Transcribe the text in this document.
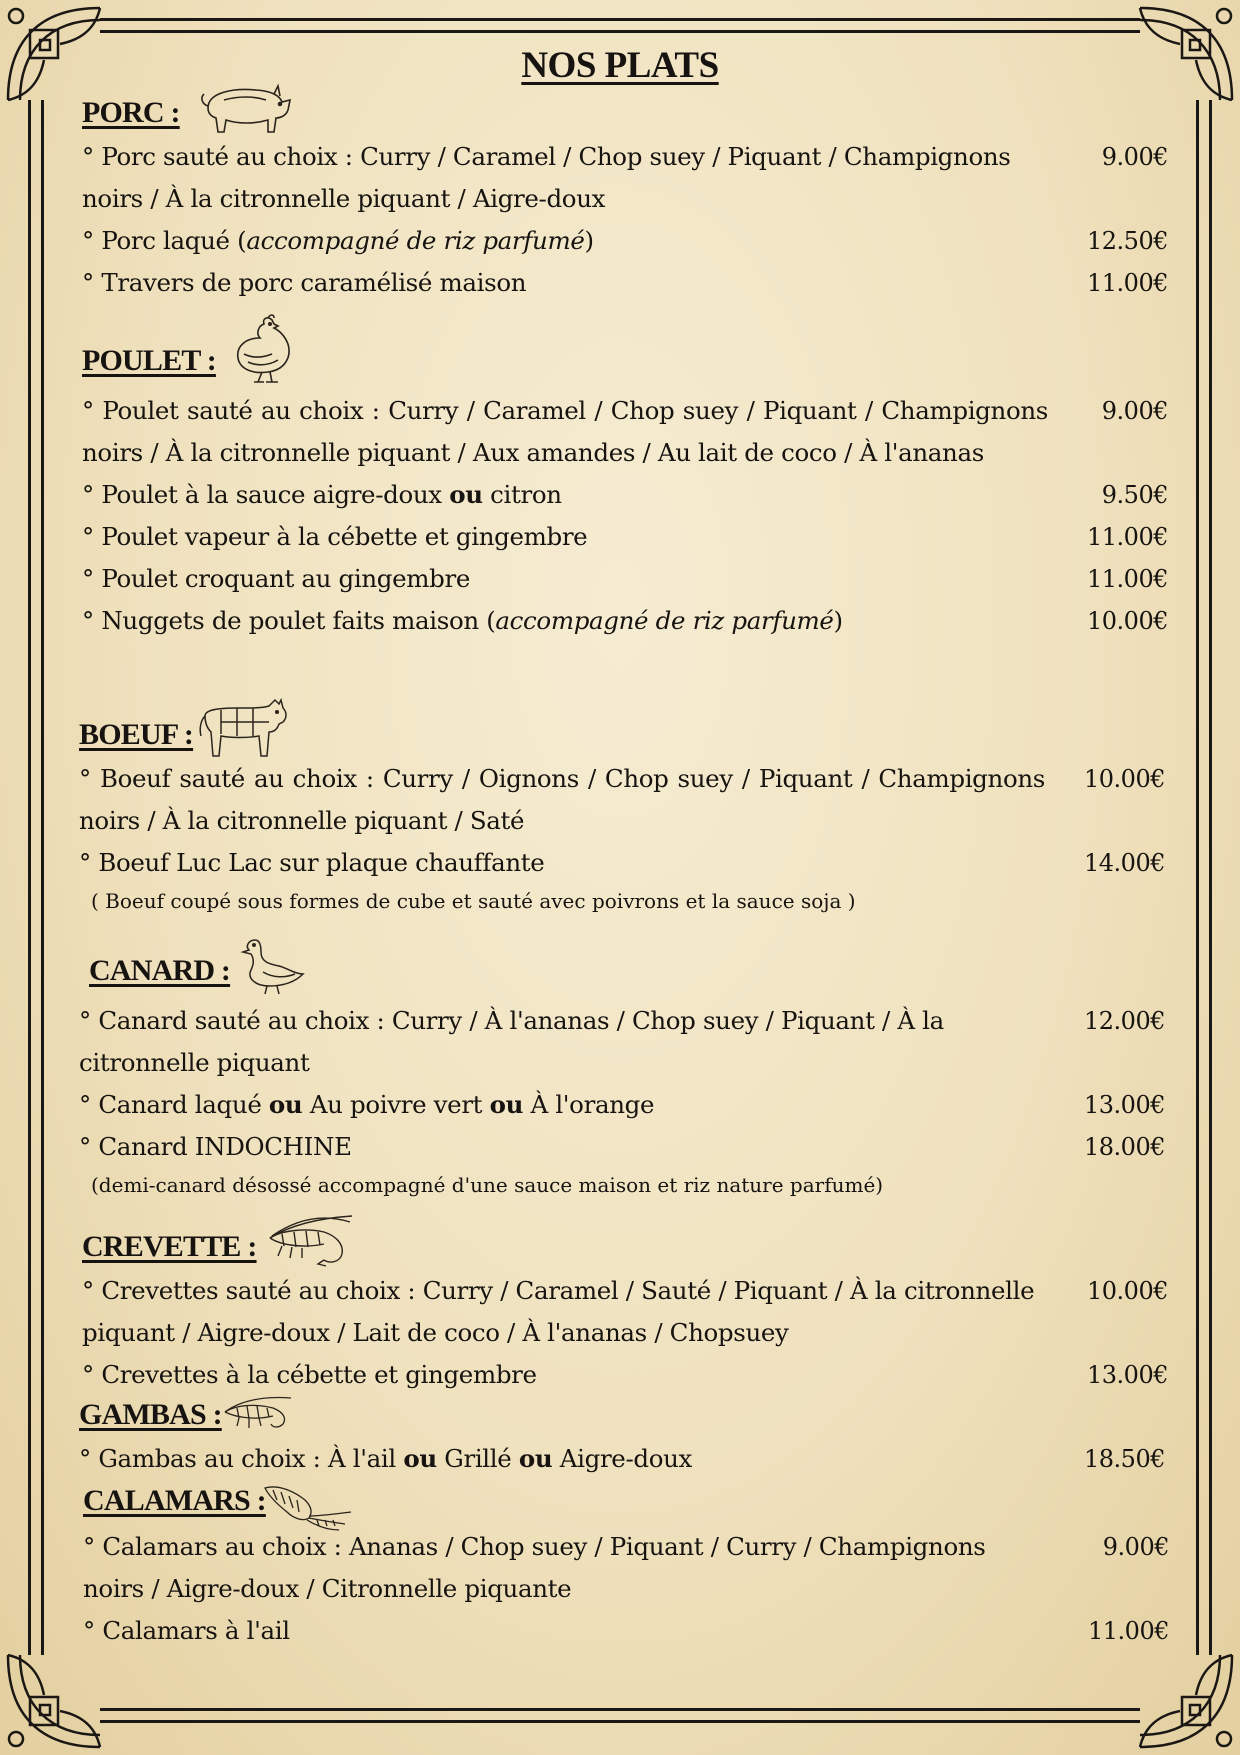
NOS PLATS
PORC :
° Porc sauté au choix : Curry / Caramel / Chop suey / Piquant / Champignons noirs / À la citronnelle piquant / Aigre-doux
9.00€
° Porc laqué (accompagné de riz parfumé)	12.50€
° Travers de porc caramélisé maison	11.00€
POULET :
° Poulet sauté au choix : Curry / Caramel / Chop suey / Piquant / Champignons noirs / À la citronnelle piquant / Aux amandes / Au lait de coco / À l'ananas
9.00€
° Poulet à la sauce aigre-doux ou citron	9.50€
° Poulet vapeur à la cébette et gingembre	11.00€
° Poulet croquant au gingembre	11.00€
° Nuggets de poulet faits maison (accompagné de riz parfumé)	10.00€
BOEUF :
° Boeuf sauté au choix : Curry / Oignons / Chop suey / Piquant / Champignons noirs / À la citronnelle piquant / Saté
10.00€
° Boeuf Luc Lac sur plaque chauffante	14.00€
( Boeuf coupé sous formes de cube et sauté avec poivrons et la sauce soja )
CANARD :
° Canard sauté au choix : Curry / À l'ananas / Chop suey / Piquant / À la citronnelle piquant
12.00€
° Canard laqué ou Au poivre vert ou À l'orange	13.00€
° Canard INDOCHINE	18.00€
(demi-canard désossé accompagné d'une sauce maison et riz nature parfumé)
CREVETTE :
° Crevettes sauté au choix : Curry / Caramel / Sauté / Piquant / À la citronnelle piquant / Aigre-doux / Lait de coco / À l'ananas / Chopsuey
10.00€
° Crevettes à la cébette et gingembre	13.00€
GAMBAS :
° Gambas au choix : À l'ail ou Grillé ou Aigre-doux	18.50€
CALAMARS :
° Calamars au choix : Ananas / Chop suey / Piquant / Curry / Champignons noirs / Aigre-doux / Citronnelle piquante
9.00€
° Calamars à l'ail	11.00€
